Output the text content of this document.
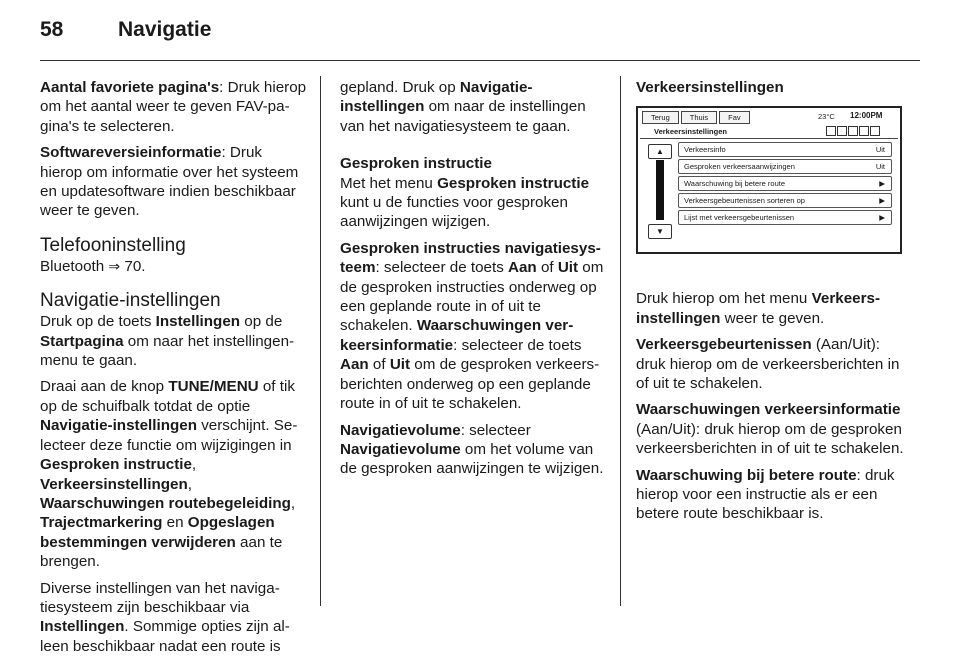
58	Navigatie

Aantal favoriete pagina's: Druk hierop om het aantal weer te geven FAV-pagina's te selecteren.

Softwareversieinformatie: Druk hierop om informatie over het systeem en updatesoftware indien beschikbaar weer te geven.

Telefooninstelling

Bluetooth ⇒ 70.

Navigatie-instellingen

Druk op de toets Instellingen op de Startpagina om naar het instellingenmenu te gaan.

Draai aan de knop TUNE/MENU of tik op de schuifbalk totdat de optie Navigatie-instellingen verschijnt. Selecteer deze functie om wijzigingen in Gesproken instructie, Verkeersinstellingen, Waarschuwingen routebegeleiding, Trajectmarkering en Opgeslagen bestemmingen verwijderen aan te brengen.

Diverse instellingen van het navigatiesysteem zijn beschikbaar via Instellingen. Sommige opties zijn alleen beschikbaar nadat een route is

gepland. Druk op Navigatie-instellingen om naar de instellingen van het navigatiesysteem te gaan.

Gesproken instructie

Met het menu Gesproken instructie kunt u de functies voor gesproken aanwijzingen wijzigen.

Gesproken instructies navigatiesysteem: selecteer de toets Aan of Uit om de gesproken instructies onderweg op een geplande route in of uit te schakelen. Waarschuwingen verkeersinformatie: selecteer de toets Aan of Uit om de gesproken verkeersberichten onderweg op een geplande route in of uit te schakelen.

Navigatievolume: selecteer Navigatievolume om het volume van de gesproken aanwijzingen te wijzigen.

Verkeersinstellingen

Druk hierop om het menu Verkeersinstellingen weer te geven.

Verkeersgebeurtenissen (Aan/Uit): druk hierop om de verkeersberichten in of uit te schakelen.

Waarschuwingen verkeersinformatie (Aan/Uit): druk hierop om de gesproken verkeersberichten in of uit te schakelen.

Waarschuwing bij betere route: druk hierop voor een instructie als er een betere route beschikbaar is.

Terug	Thuis	Fav	23°C 12:00PM
Verkeersinstellingen
▲
▼
Verkeersinfo	Uit
Gesproken verkeersaanwijzingen	Uit
Waarschuwing bij betere route	▶
Verkeersgebeurtenissen sorteren op	▶
Lijst met verkeersgebeurtenissen	▶
